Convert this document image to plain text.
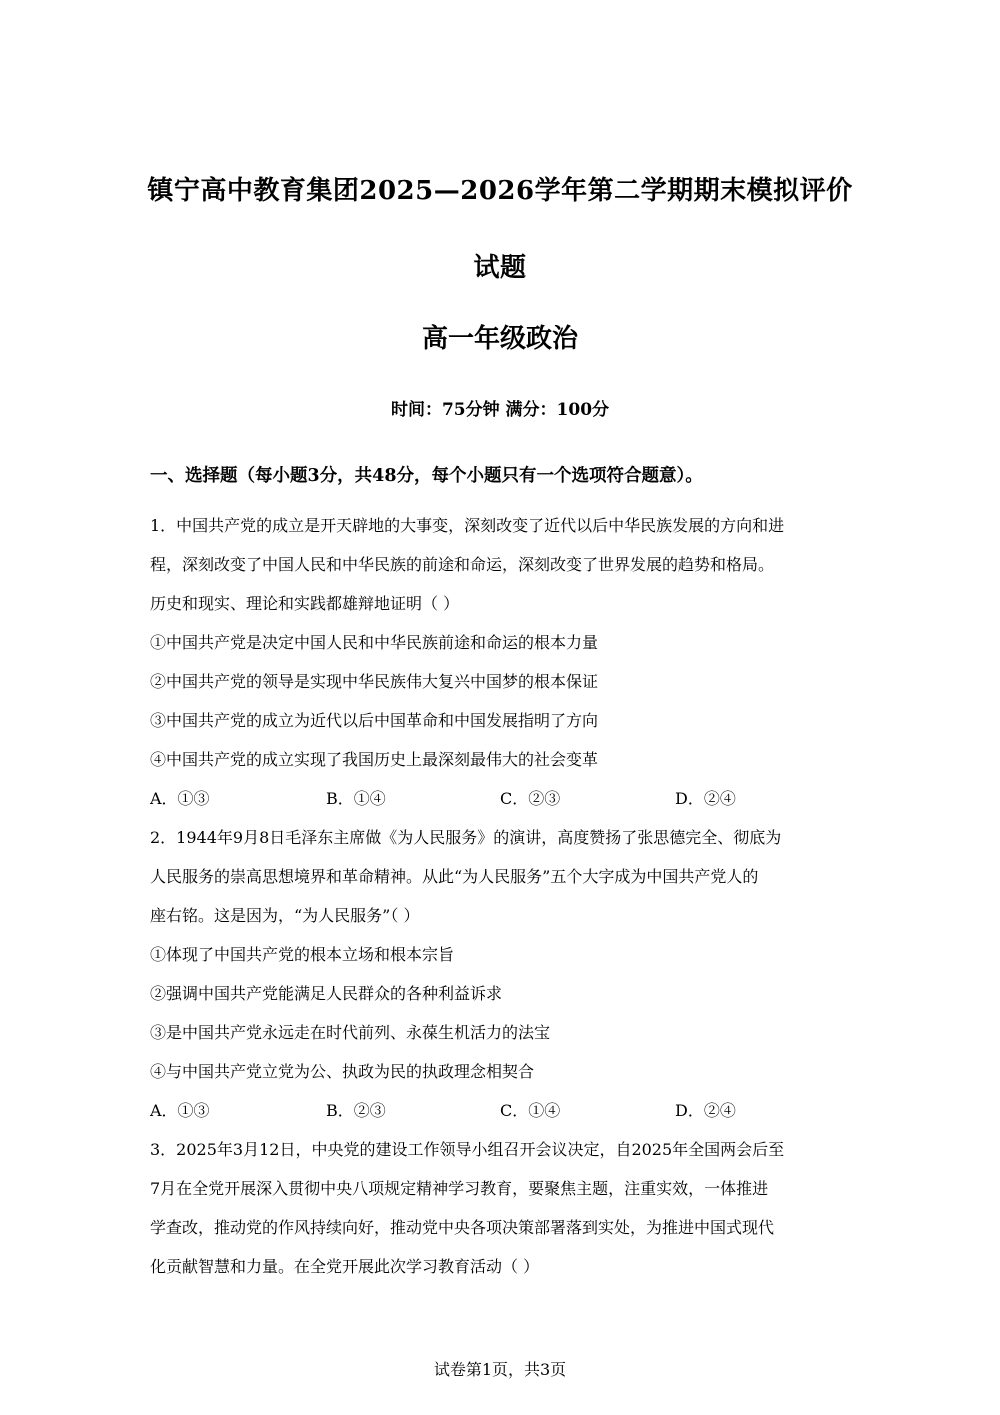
镇宁高中教育集团2025—2026学年第二学期期末模拟评价
试题
高一年级政治
时间：75分钟 满分：100分
一、选择题（每小题3分，共48分，每个小题只有一个选项符合题意）。
1．中国共产党的成立是开天辟地的大事变，深刻改变了近代以后中华民族发展的方向和进
程，深刻改变了中国人民和中华民族的前途和命运，深刻改变了世界发展的趋势和格局。
历史和现实、理论和实践都雄辩地证明（ ）
①中国共产党是决定中国人民和中华民族前途和命运的根本力量
②中国共产党的领导是实现中华民族伟大复兴中国梦的根本保证
③中国共产党的成立为近代以后中国革命和中国发展指明了方向
④中国共产党的成立实现了我国历史上最深刻最伟大的社会变革
A．①③	B．①④	C．②③	D．②④
2．1944年9月8日毛泽东主席做《为人民服务》的演讲，高度赞扬了张思德完全、彻底为
人民服务的崇高思想境界和革命精神。从此“为人民服务”五个大字成为中国共产党人的
座右铭。这是因为，“为人民服务”（ ）
①体现了中国共产党的根本立场和根本宗旨
②强调中国共产党能满足人民群众的各种利益诉求
③是中国共产党永远走在时代前列、永葆生机活力的法宝
④与中国共产党立党为公、执政为民的执政理念相契合
A．①③	B．②③	C．①④	D．②④
3．2025年3月12日，中央党的建设工作领导小组召开会议决定，自2025年全国两会后至
7月在全党开展深入贯彻中央八项规定精神学习教育，要聚焦主题，注重实效，一体推进
学查改，推动党的作风持续向好，推动党中央各项决策部署落到实处，为推进中国式现代
化贡献智慧和力量。在全党开展此次学习教育活动（ ）
试卷第1页，共3页
